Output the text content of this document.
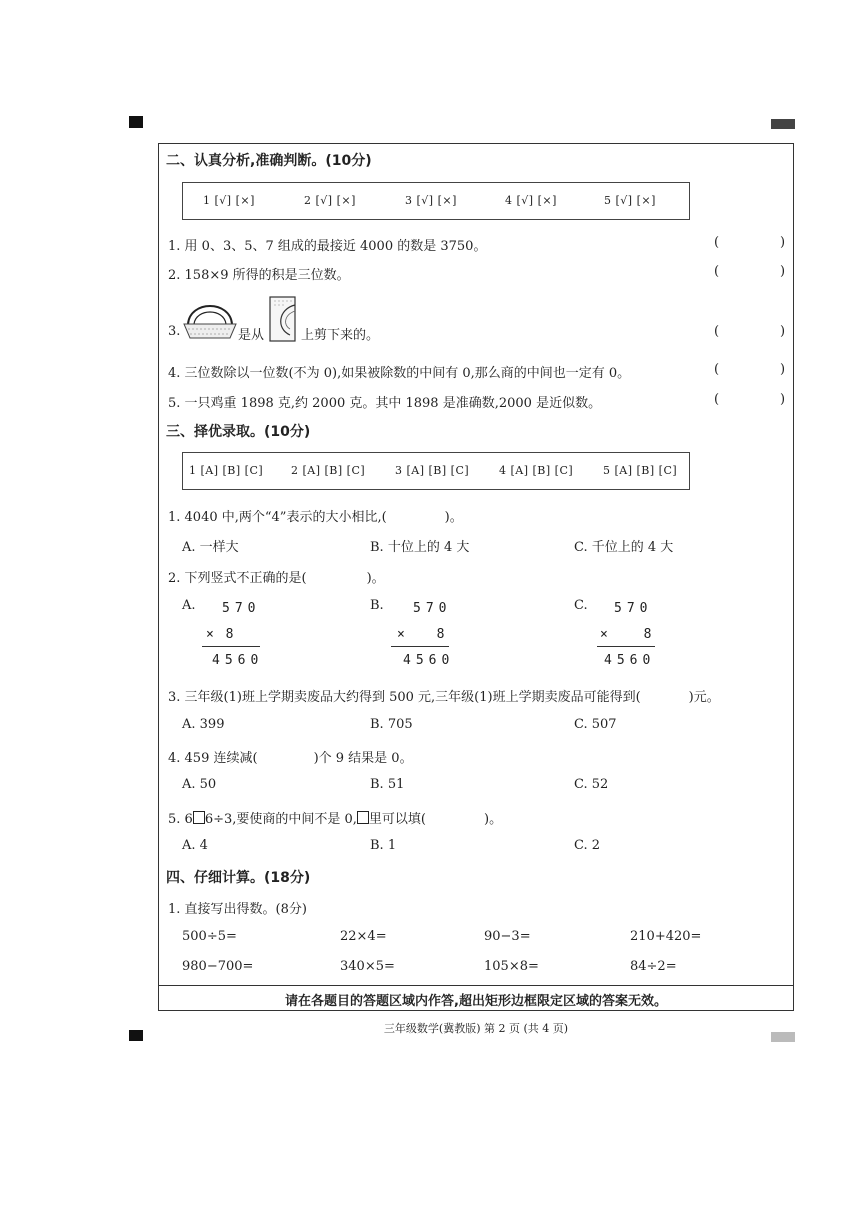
二、认真分析,准确判断。(10分)
1 [√] [×]	2 [√] [×]	3 [√] [×]	4 [√] [×]	5 [√] [×]
1. 用 0、3、5、7 组成的最接近 4000 的数是 3750。	(	)
2. 158×9 所得的积是三位数。	(	)
3.	是从	上剪下来的。	(	)
4. 三位数除以一位数(不为 0),如果被除数的中间有 0,那么商的中间也一定有 0。	(	)
5. 一只鸡重 1898 克,约 2000 克。其中 1898 是准确数,2000 是近似数。	(	)
三、择优录取。(10分)
1 [A] [B] [C]	2 [A] [B] [C]	3 [A] [B] [C]	4 [A] [B] [C]	5 [A] [B] [C]
1. 4040 中,两个“4”表示的大小相比,(	)。
A. 一样大	B. 十位上的 4 大	C. 千位上的 4 大
2. 下列竖式不正确的是(	)。
A. 570
× 8
4560
B. 570
× 8
4560
C. 570
× 8
4560
3. 三年级(1)班上学期卖废品大约得到 500 元,三年级(1)班上学期卖废品可能得到(	)元。
A. 399	B. 705	C. 507
4. 459 连续减(	)个 9 结果是 0。
A. 50	B. 51	C. 52
5. 6 6÷3,要使商的中间不是 0, 里可以填(	)。
A. 4	B. 1	C. 2
四、仔细计算。(18分)
1. 直接写出得数。(8分)
500÷5=	22×4=	90−3=	210+420=
980−700=	340×5=	105×8=	84÷2=
请在各题目的答题区域内作答,超出矩形边框限定区域的答案无效。
三年级数学(冀教版) 第 2 页 (共 4 页)
